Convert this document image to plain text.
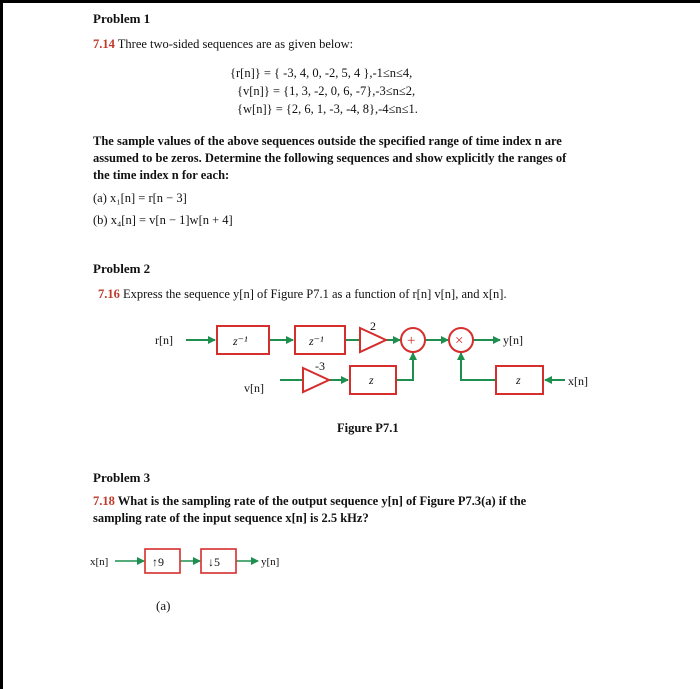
Problem 1
7.14 Three two-sided sequences are as given below:
{r[n]} = { -3, 4, 0, -2, 5, 4 },-1≤n≤4,
{v[n]} = {1, 3, -2, 0, 6, -7},-3≤n≤2,
{w[n]} = {2, 6, 1, -3, -4, 8},-4≤n≤1.
The sample values of the above sequences outside the specified range of time index n are
assumed to be zeros. Determine the following sequences and show explicitly the ranges of
the time index n for each:
(a) x₁[n] = r[n − 3]
(b) x₄[n] = v[n − 1]w[n + 4]
Problem 2
7.16 Express the sequence y[n] of Figure P7.1 as a function of r[n] v[n], and x[n].
r[n]
v[n]	x[n]
y[n]
z⁻¹	z⁻¹
2
-3
z	z
+	×
Figure P7.1
Problem 3
7.18 What is the sampling rate of the output sequence y[n] of Figure P7.3(a) if the
sampling rate of the input sequence x[n] is 2.5 kHz?
x[n]	y[n]
↑9	↓5
(a)
